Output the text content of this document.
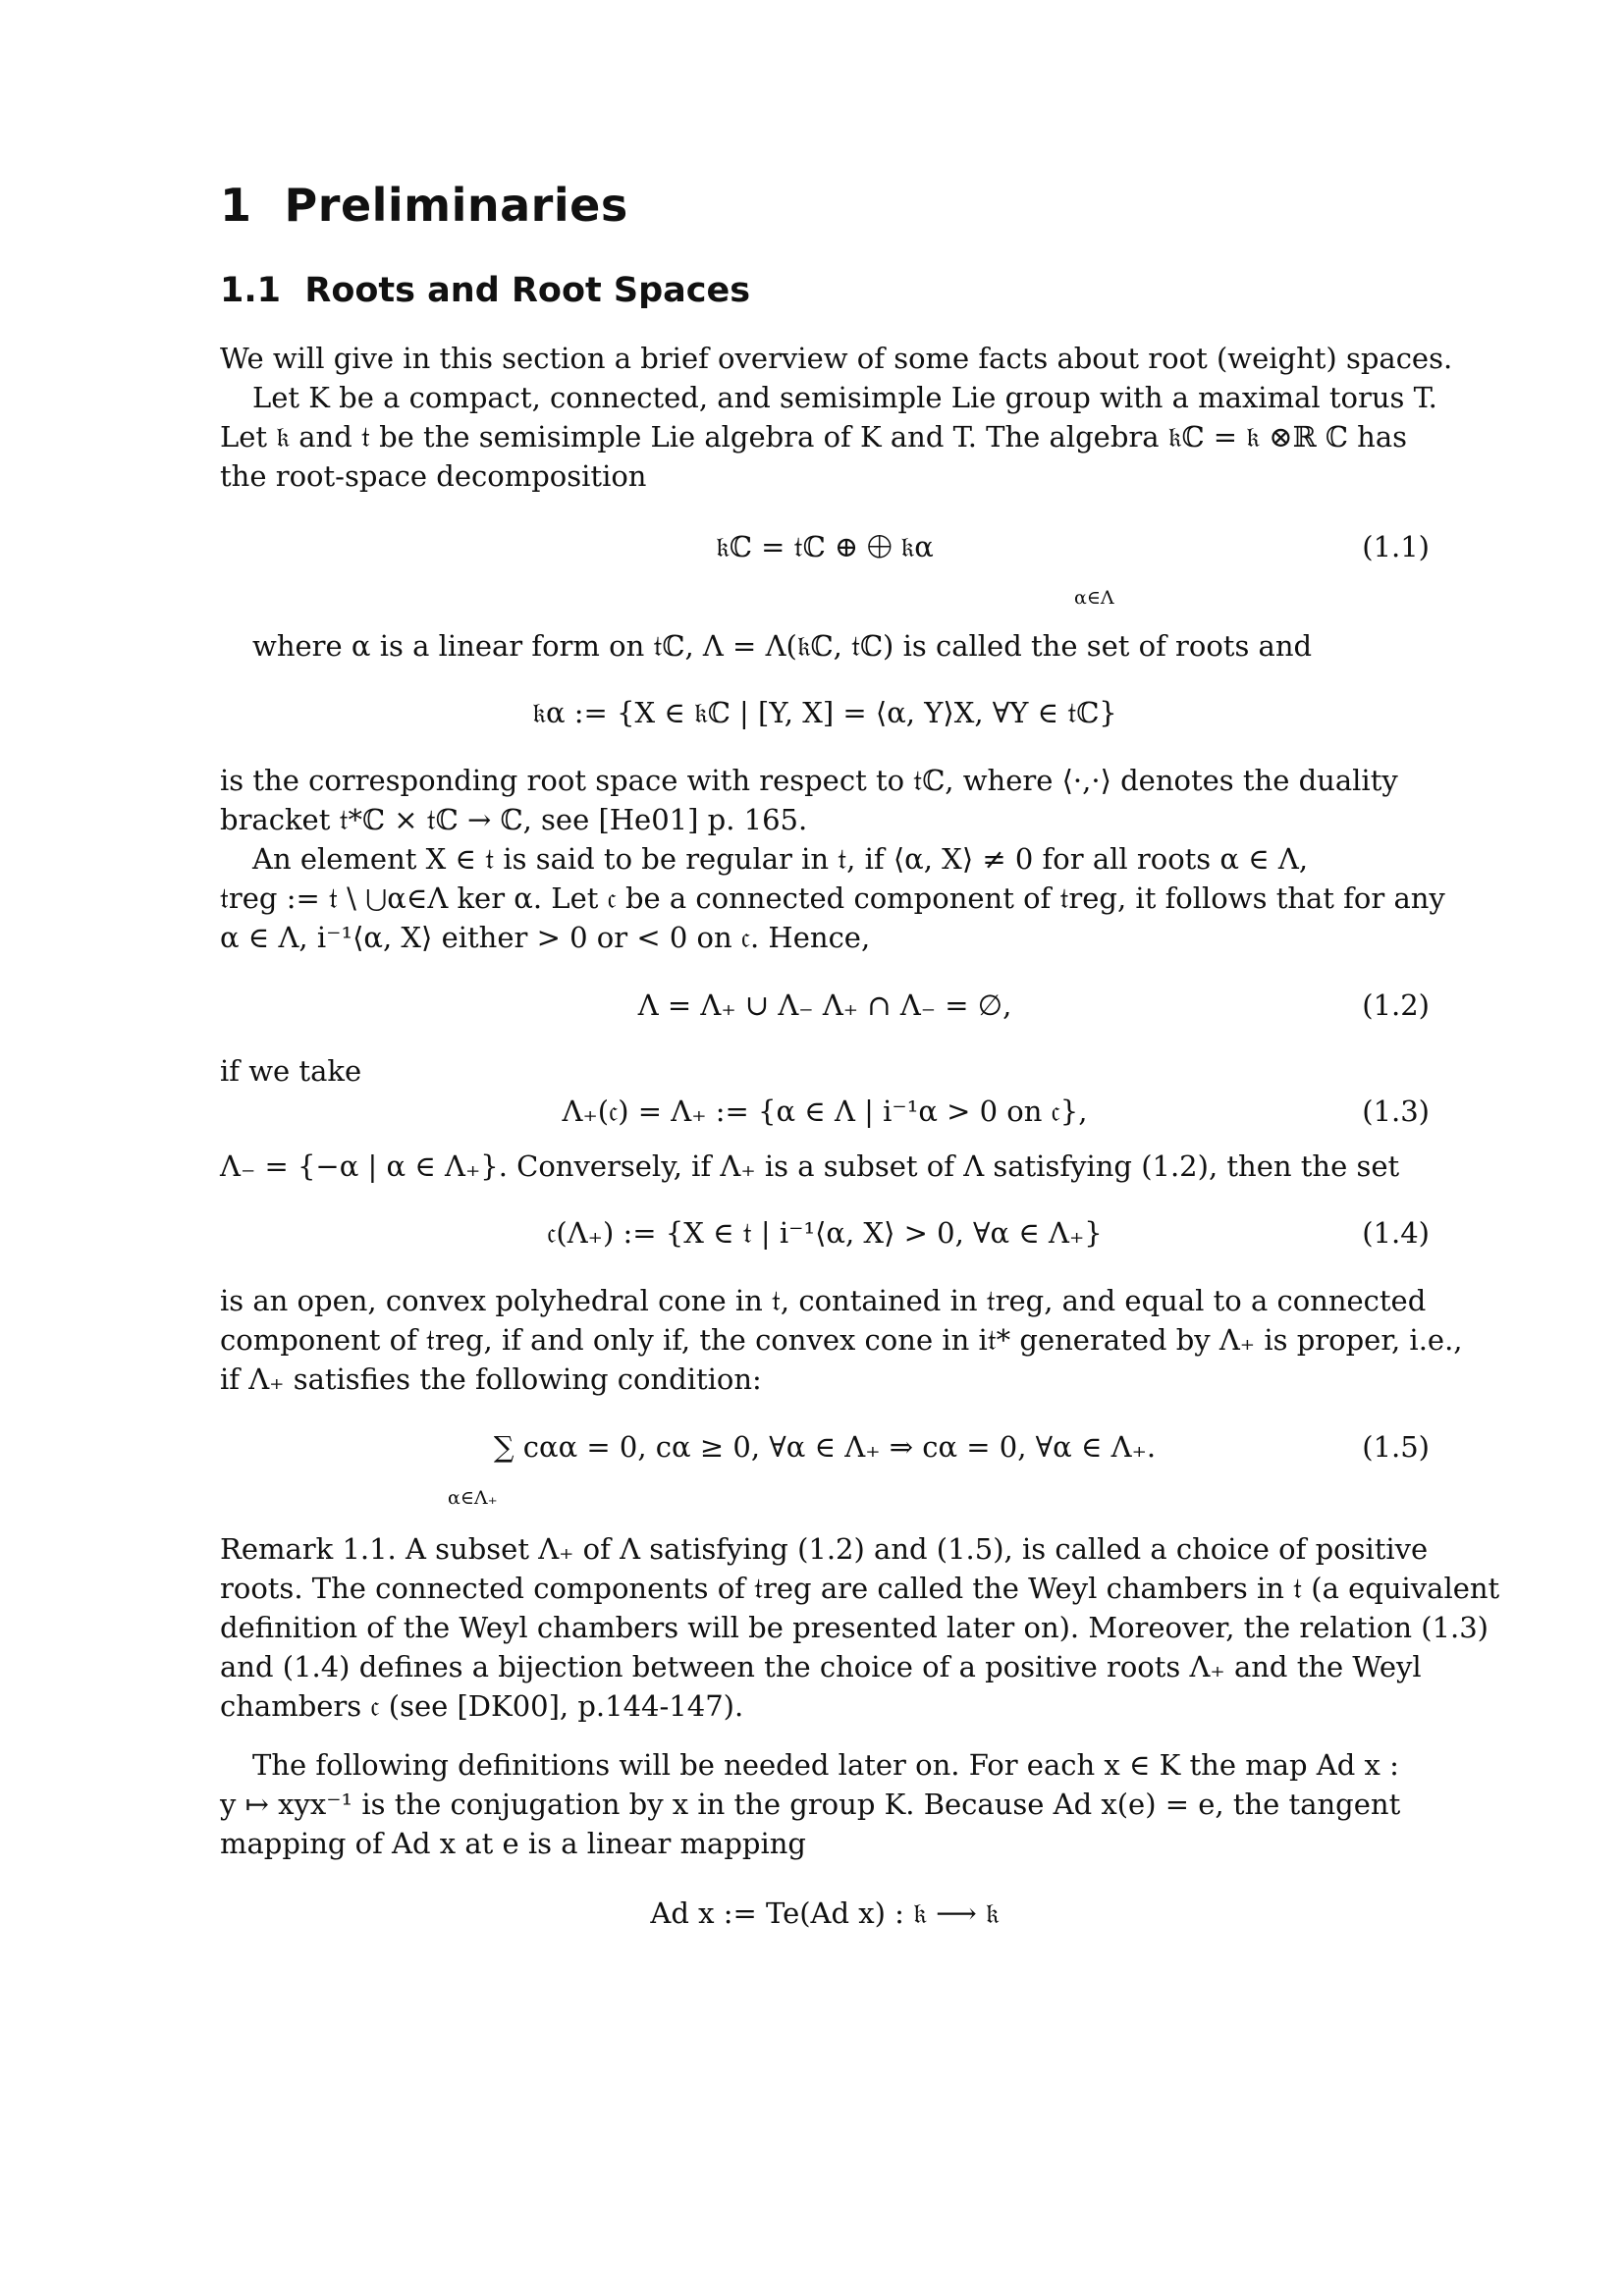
1 Preliminaries
1.1 Roots and Root Spaces
We will give in this section a brief overview of some facts about root (weight) spaces.
Let K be a compact, connected, and semisimple Lie group with a maximal torus T.
Let 𝔨 and 𝔱 be the semisimple Lie algebra of K and T. The algebra 𝔨ℂ = 𝔨 ⊗ℝ ℂ has
the root-space decomposition
𝔨ℂ = 𝔱ℂ ⊕ ⨁ 𝔨α
α∈Λ
(1.1)
where α is a linear form on 𝔱ℂ, Λ = Λ(𝔨ℂ, 𝔱ℂ) is called the set of roots and
𝔨α := {X ∈ 𝔨ℂ | [Y, X] = ⟨α, Y⟩X, ∀Y ∈ 𝔱ℂ}
is the corresponding root space with respect to 𝔱ℂ, where ⟨·,·⟩ denotes the duality
bracket 𝔱*ℂ × 𝔱ℂ → ℂ, see [He01] p. 165.
An element X ∈ 𝔱 is said to be regular in 𝔱, if ⟨α, X⟩ ≠ 0 for all roots α ∈ Λ,
𝔱reg := 𝔱 \ ⋃α∈Λ ker α. Let 𝔠 be a connected component of 𝔱reg, it follows that for any
α ∈ Λ, i⁻¹⟨α, X⟩ either > 0 or < 0 on 𝔠. Hence,
Λ = Λ₊ ∪ Λ₋ Λ₊ ∩ Λ₋ = ∅,	(1.2)
if we take
Λ₊(𝔠) = Λ₊ := {α ∈ Λ | i⁻¹α > 0 on 𝔠},	(1.3)
Λ₋ = {−α | α ∈ Λ₊}. Conversely, if Λ₊ is a subset of Λ satisfying (1.2), then the set
𝔠(Λ₊) := {X ∈ 𝔱 | i⁻¹⟨α, X⟩ > 0, ∀α ∈ Λ₊}	(1.4)
is an open, convex polyhedral cone in 𝔱, contained in 𝔱reg, and equal to a connected
component of 𝔱reg, if and only if, the convex cone in i𝔱* generated by Λ₊ is proper, i.e.,
if Λ₊ satisfies the following condition:
∑ cαα = 0, cα ≥ 0, ∀α ∈ Λ₊ ⇒ cα = 0, ∀α ∈ Λ₊.
α∈Λ₊
(1.5)
Remark 1.1. A subset Λ₊ of Λ satisfying (1.2) and (1.5), is called a choice of positive
roots. The connected components of 𝔱reg are called the Weyl chambers in 𝔱 (a equivalent
definition of the Weyl chambers will be presented later on). Moreover, the relation (1.3)
and (1.4) defines a bijection between the choice of a positive roots Λ₊ and the Weyl
chambers 𝔠 (see [DK00], p.144-147).
The following definitions will be needed later on. For each x ∈ K the map Ad x :
y ↦ xyx⁻¹ is the conjugation by x in the group K. Because Ad x(e) = e, the tangent
mapping of Ad x at e is a linear mapping
Ad x := Te(Ad x) : 𝔨 ⟶ 𝔨
